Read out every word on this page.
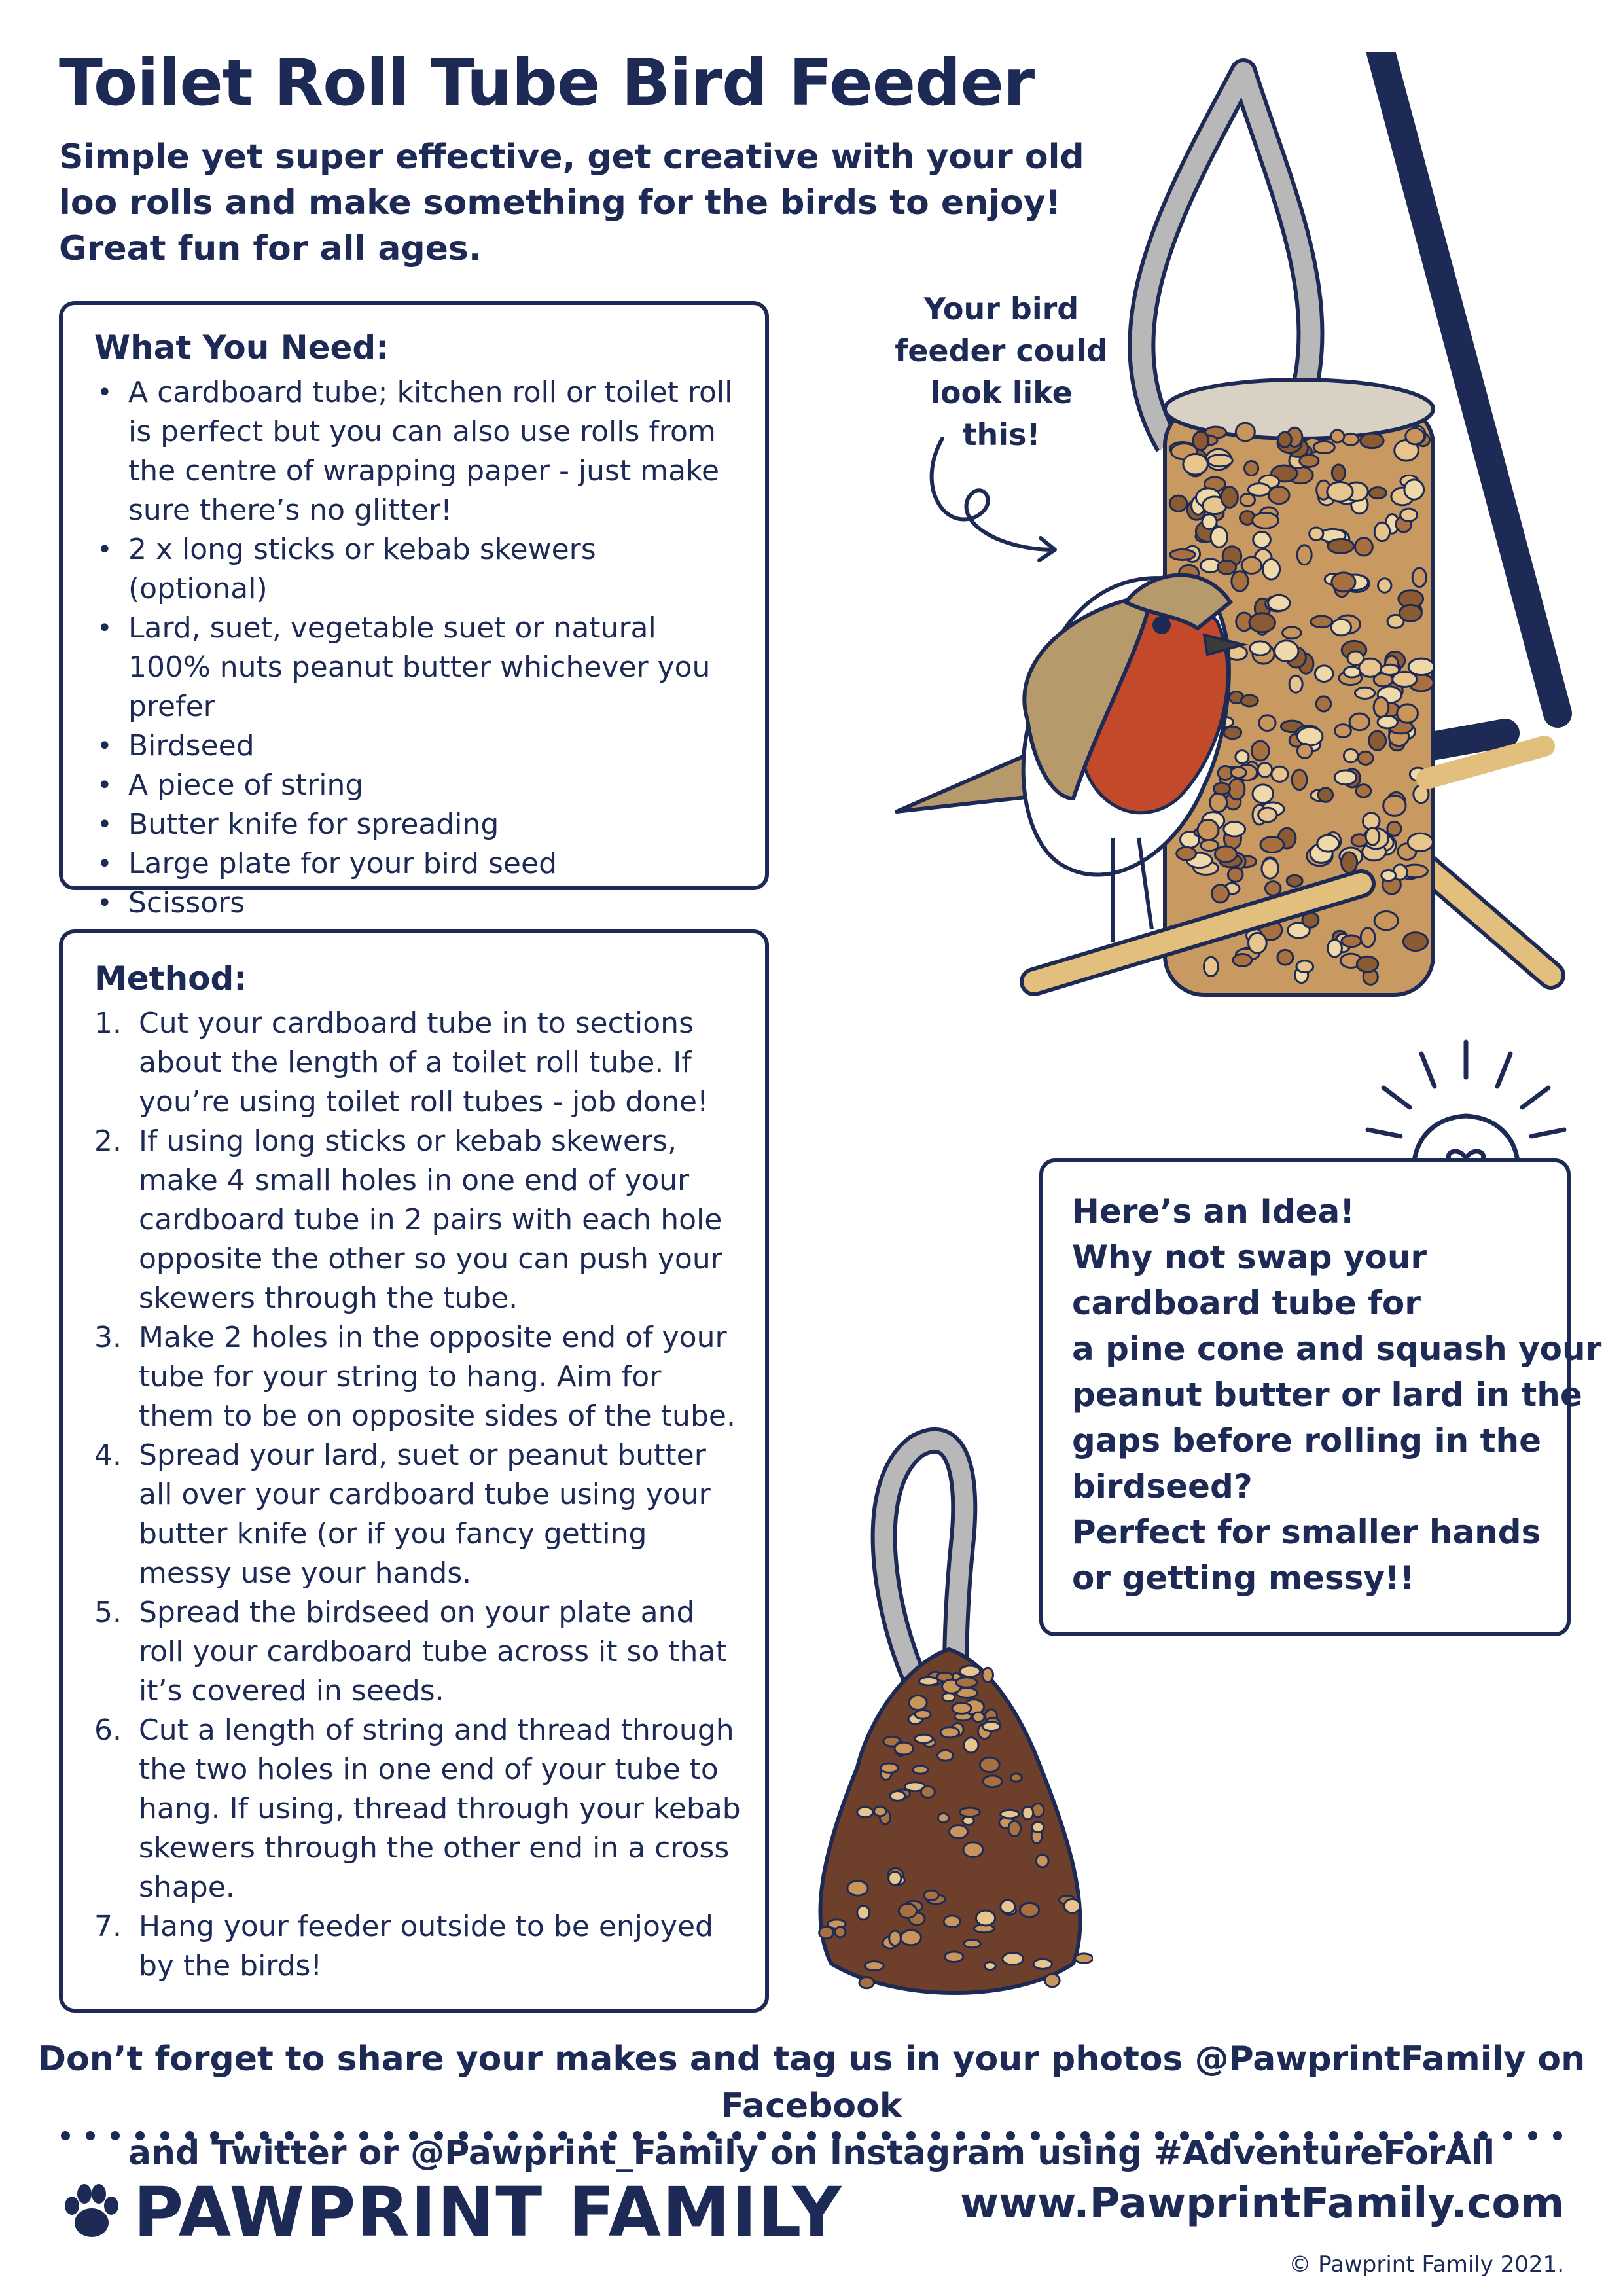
Toilet Roll Tube Bird Feeder
Simple yet super effective, get creative with your old
loo rolls and make something for the birds to enjoy!
Great fun for all ages.
What You Need:
• A cardboard tube; kitchen roll or toilet roll is perfect but you can also use rolls from the centre of wrapping paper - just make sure there’s no glitter!
• 2 x long sticks or kebab skewers (optional)
• Lard, suet, vegetable suet or natural 100% nuts peanut butter whichever you prefer
• Birdseed
• A piece of string
• Butter knife for spreading
• Large plate for your bird seed
• Scissors
Method:
1. Cut your cardboard tube in to sections about the length of a toilet roll tube. If you’re using toilet roll tubes - job done!
2. If using long sticks or kebab skewers, make 4 small holes in one end of your cardboard tube in 2 pairs with each hole opposite the other so you can push your skewers through the tube.
3. Make 2 holes in the opposite end of your tube for your string to hang. Aim for them to be on opposite sides of the tube.
4. Spread your lard, suet or peanut butter all over your cardboard tube using your butter knife (or if you fancy getting messy use your hands.
5. Spread the birdseed on your plate and roll your cardboard tube across it so that it’s covered in seeds.
6. Cut a length of string and thread through the two holes in one end of your tube to hang. If using, thread through your kebab skewers through the other end in a cross shape.
7. Hang your feeder outside to be enjoyed by the birds!
Your bird
feeder could
look like this!

Here’s an Idea!

Why not swap your

cardboard tube for

a pine cone and squash your

peanut butter or lard in the

gaps before rolling in the

birdseed?

Perfect for smaller hands

or getting messy!!

Don’t forget to share your makes and tag us in your photos @PawprintFamily on Facebook
and Twitter or @Pawprint_Family on Instagram using #AdventureForAll
PAWPRINT FAMILY	www.PawprintFamily.com
© Pawprint Family 2021.
